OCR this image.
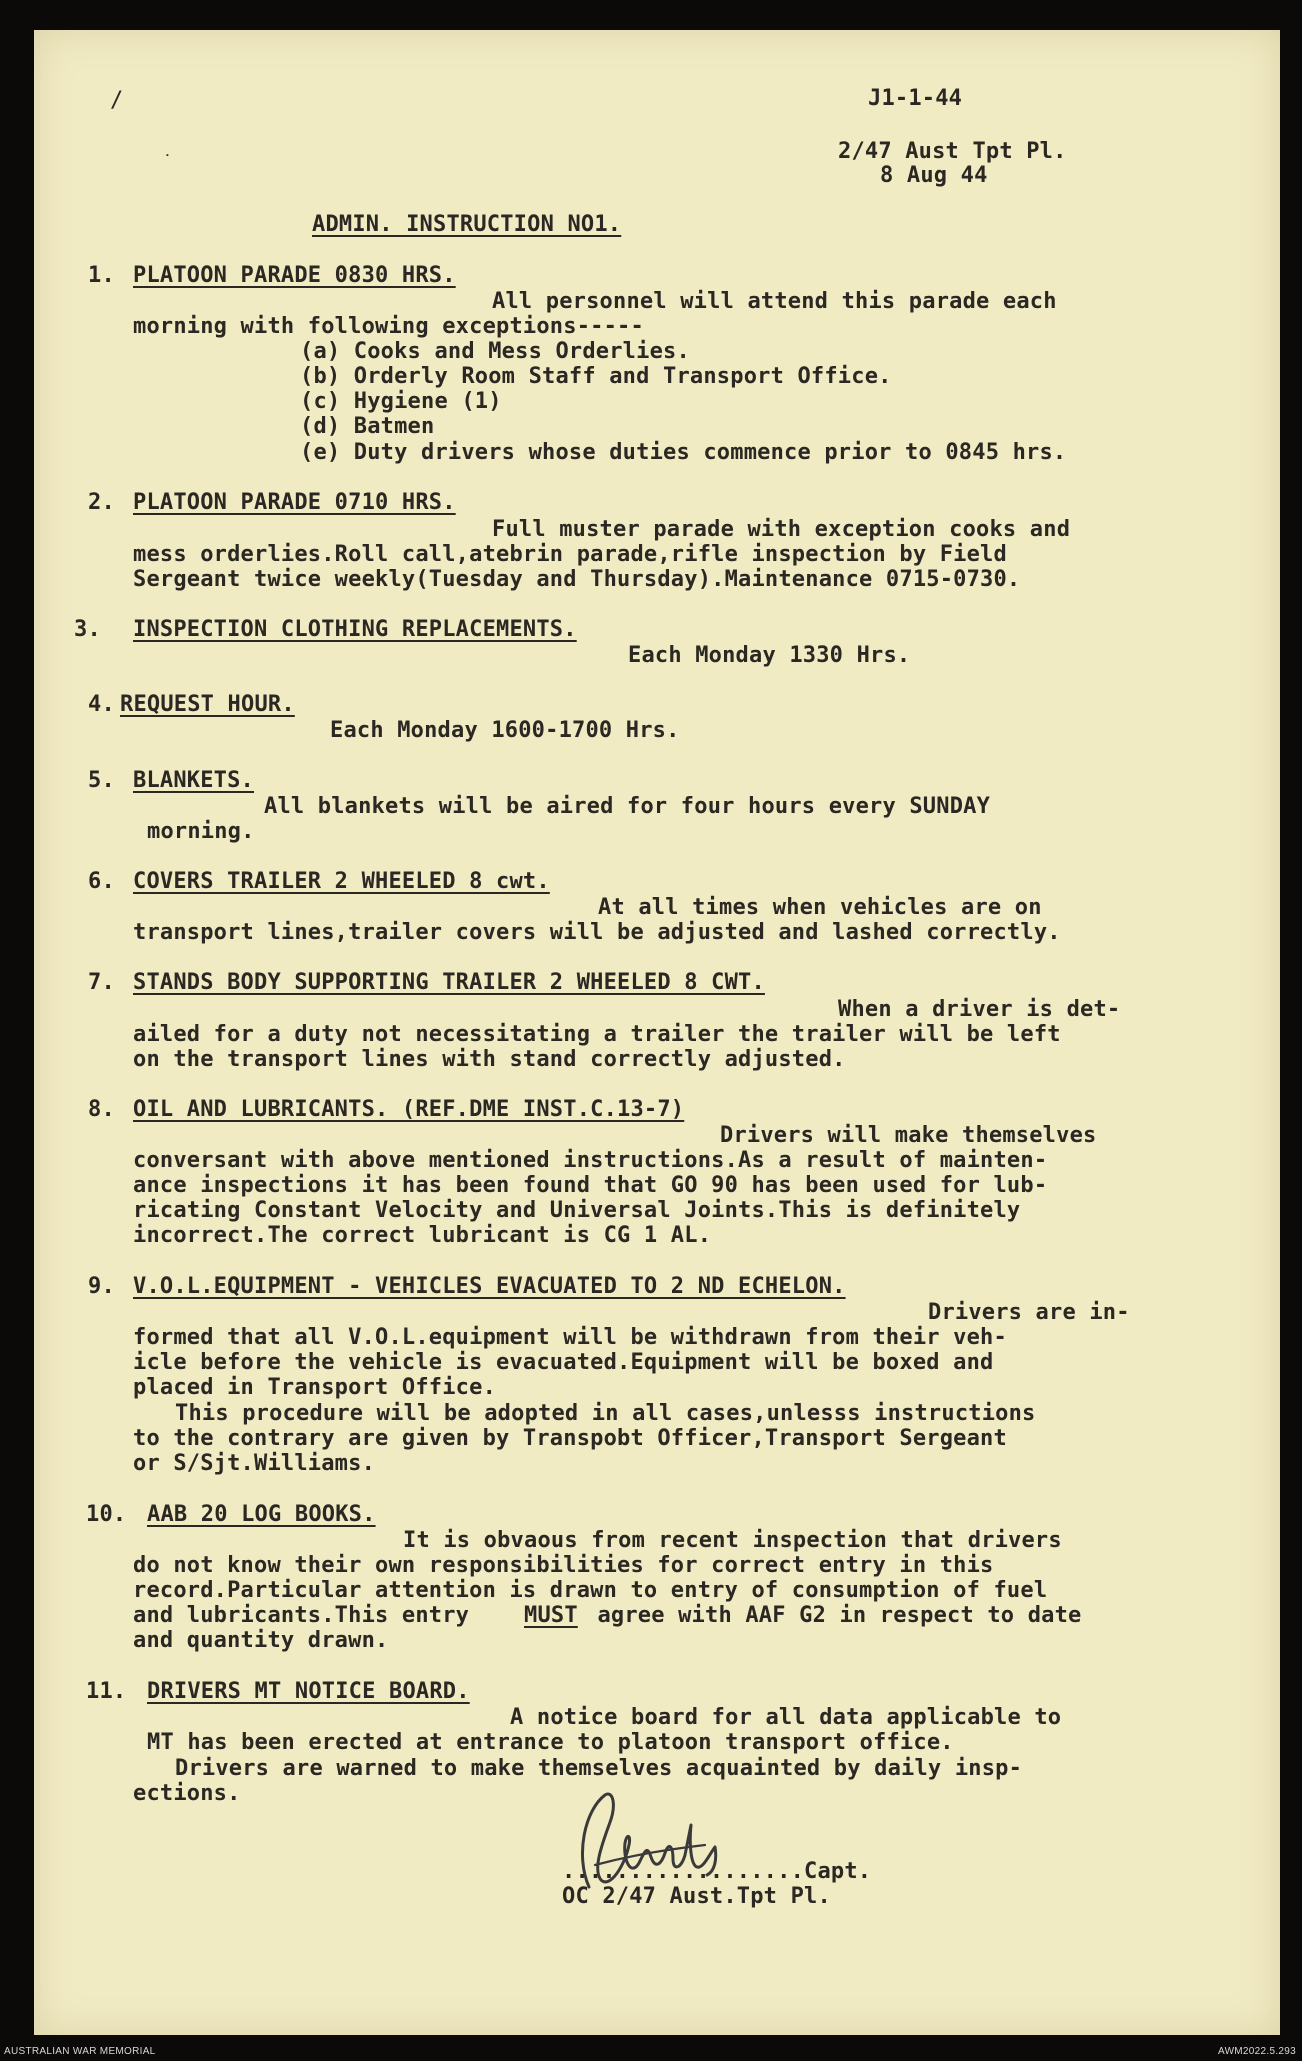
/
˙
J1-1-44
2/47 Aust Tpt Pl.
8 Aug 44
ADMIN. INSTRUCTION NO1.
1. PLATOON PARADE 0830 HRS.
All personnel will attend this parade each
morning with following exceptions-----
(a) Cooks and Mess Orderlies.
(b) Orderly Room Staff and Transport Office.
(c) Hygiene (1)
(d) Batmen
(e) Duty drivers whose duties commence prior to 0845 hrs.
2. PLATOON PARADE 0710 HRS.
Full muster parade with exception cooks and
mess orderlies.Roll call,atebrin parade,rifle inspection by Field
Sergeant twice weekly(Tuesday and Thursday).Maintenance 0715-0730.
3. INSPECTION CLOTHING REPLACEMENTS.
Each Monday 1330 Hrs.
4. REQUEST HOUR.
Each Monday 1600-1700 Hrs.
5. BLANKETS.
All blankets will be aired for four hours every SUNDAY
morning.
6. COVERS TRAILER 2 WHEELED 8 cwt.
At all times when vehicles are on
transport lines,trailer covers will be adjusted and lashed correctly.
7. STANDS BODY SUPPORTING TRAILER 2 WHEELED 8 CWT.
When a driver is det-
ailed for a duty not necessitating a trailer the trailer will be left
on the transport lines with stand correctly adjusted.
8. OIL AND LUBRICANTS. (REF.DME INST.C.13-7)
Drivers will make themselves
conversant with above mentioned instructions.As a result of mainten-
ance inspections it has been found that GO 90 has been used for lub-
ricating Constant Velocity and Universal Joints.This is definitely
incorrect.The correct lubricant is CG 1 AL.
9. V.O.L.EQUIPMENT - VEHICLES EVACUATED TO 2 ND ECHELON.
Drivers are in-
formed that all V.O.L.equipment will be withdrawn from their veh-
icle before the vehicle is evacuated.Equipment will be boxed and
placed in Transport Office.
This procedure will be adopted in all cases,unlesss instructions
to the contrary are given by Transpobt Officer,Transport Sergeant
or S/Sjt.Williams.
10. AAB 20 LOG BOOKS.
It is obvaous from recent inspection that drivers
do not know their own responsibilities for correct entry in this
record.Particular attention is drawn to entry of consumption of fuel
and lubricants.This entry MUST agree with AAF G2 in respect to date
and quantity drawn.
11. DRIVERS MT NOTICE BOARD.
A notice board for all data applicable to
MT has been erected at entrance to platoon transport office.
Drivers are warned to make themselves acquainted by daily insp-
ections.
..................Capt.
OC 2/47 Aust.Tpt Pl.
AUSTRALIAN WAR MEMORIAL	AWM2022.5.293
